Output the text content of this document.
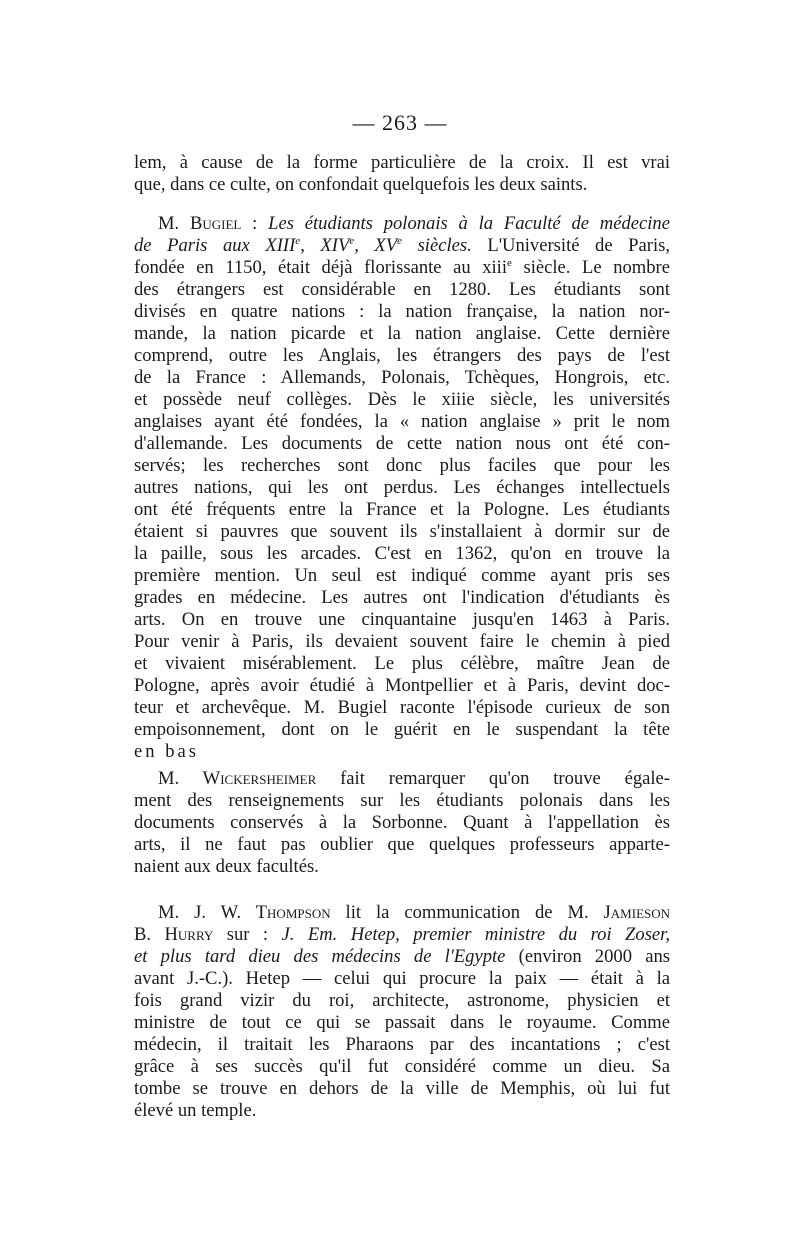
— 263 —
lem, à cause de la forme particulière de la croix. Il est vrai
que, dans ce culte, on confondait quelquefois les deux saints.
M. Bugiel : Les étudiants polonais à la Faculté de médecine
de Paris aux XIIIe, XIVe, XVe siècles. L'Université de Paris,
fondée en 1150, était déjà florissante au xiii$^e$ siècle. Le nombre
des étrangers est considérable en 1280. Les étudiants sont
divisés en quatre nations : la nation française, la nation nor-
mande, la nation picarde et la nation anglaise. Cette dernière
comprend, outre les Anglais, les étrangers des pays de l'est
de la France : Allemands, Polonais, Tchèques, Hongrois, etc.
et possède neuf collèges. Dès le xiiie siècle, les universités
anglaises ayant été fondées, la « nation anglaise » prit le nom
d'allemande. Les documents de cette nation nous ont été con-
servés; les recherches sont donc plus faciles que pour les
autres nations, qui les ont perdus. Les échanges intellectuels
ont été fréquents entre la France et la Pologne. Les étudiants
étaient si pauvres que souvent ils s'installaient à dormir sur de
la paille, sous les arcades. C'est en 1362, qu'on en trouve la
première mention. Un seul est indiqué comme ayant pris ses
grades en médecine. Les autres ont l'indication d'étudiants ès
arts. On en trouve une cinquantaine jusqu'en 1463 à Paris.
Pour venir à Paris, ils devaient souvent faire le chemin à pied
et vivaient misérablement. Le plus célèbre, maître Jean de
Pologne, après avoir étudié à Montpellier et à Paris, devint doc-
teur et archevêque. M. Bugiel raconte l'épisode curieux de son
empoisonnement, dont on le guérit en le suspendant la tête
en bas
M. Wickersheimer fait remarquer qu'on trouve égale-
ment des renseignements sur les étudiants polonais dans les
documents conservés à la Sorbonne. Quant à l'appellation ès
arts, il ne faut pas oublier que quelques professeurs apparte-
naient aux deux facultés.
M. J. W. Thompson lit la communication de M. Jamieson
B. Hurry sur : J. Em. Hetep, premier ministre du roi Zoser,
et plus tard dieu des médecins de l'Egypte (environ 2000 ans
avant J.-C.). Hetep — celui qui procure la paix — était à la
fois grand vizir du roi, architecte, astronome, physicien et
ministre de tout ce qui se passait dans le royaume. Comme
médecin, il traitait les Pharaons par des incantations ; c'est
grâce à ses succès qu'il fut considéré comme un dieu. Sa
tombe se trouve en dehors de la ville de Memphis, où lui fut
élevé un temple.
